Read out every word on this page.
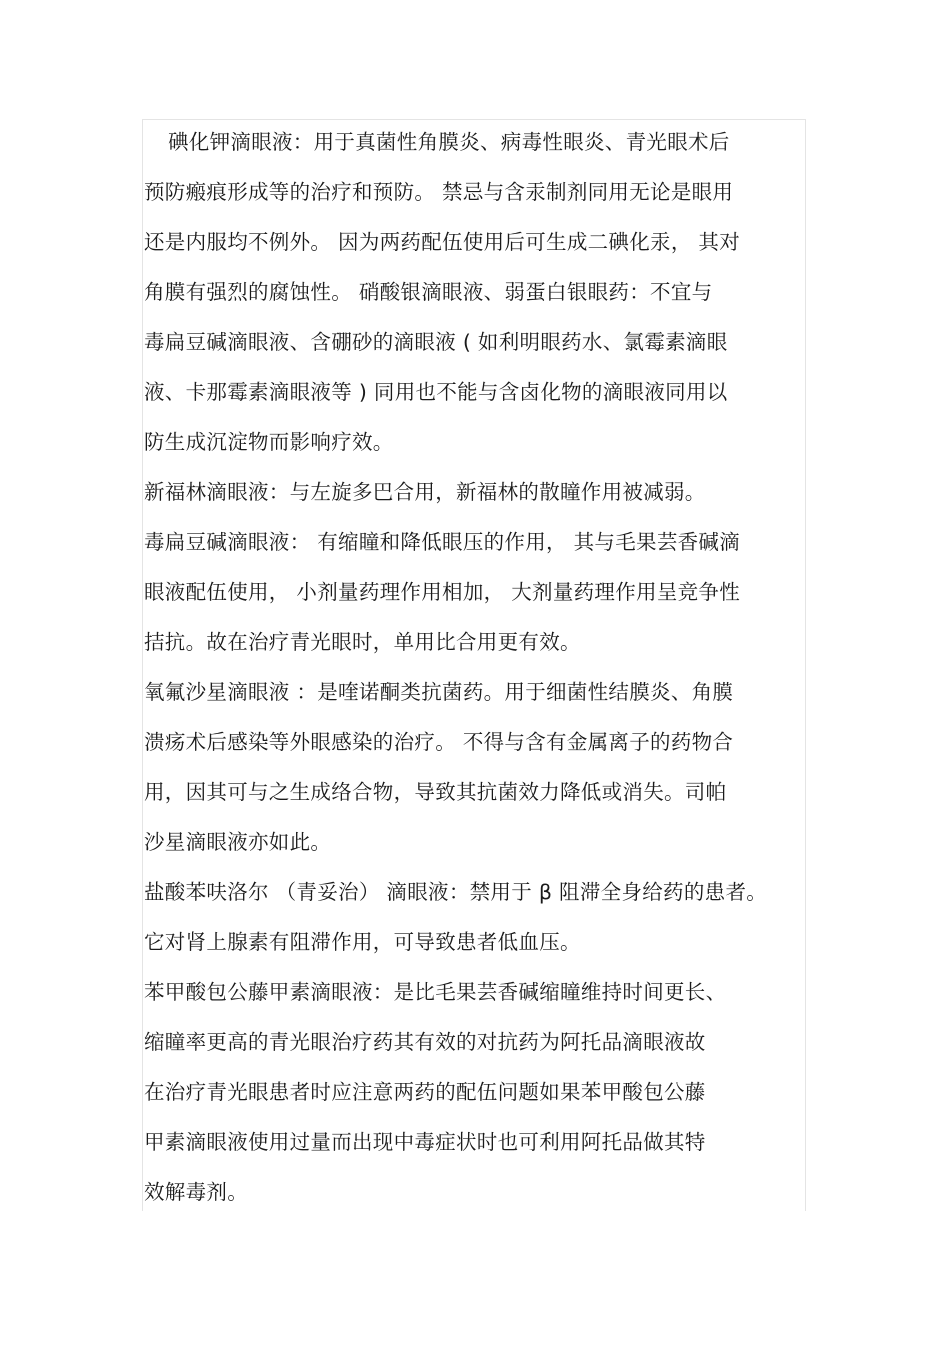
碘化钾滴眼液：用于真菌性角膜炎、病毒性眼炎、青光眼术后
预防瘢痕形成等的治疗和预防。 禁忌与含汞制剂同用无论是眼用
还是内服均不例外。 因为两药配伍使用后可生成二碘化汞， 其对
角膜有强烈的腐蚀性。 硝酸银滴眼液、弱蛋白银眼药：不宜与
毒扁豆碱滴眼液、含硼砂的滴眼液 ( 如利明眼药水、氯霉素滴眼
液、卡那霉素滴眼液等 ) 同用也不能与含卤化物的滴眼液同用以
防生成沉淀物而影响疗效。
新福林滴眼液：与左旋多巴合用，新福林的散瞳作用被减弱。
毒扁豆碱滴眼液： 有缩瞳和降低眼压的作用， 其与毛果芸香碱滴
眼液配伍使用， 小剂量药理作用相加， 大剂量药理作用呈竞争性
拮抗。故在治疗青光眼时，单用比合用更有效。
氧氟沙星滴眼液 ：是喹诺酮类抗菌药。用于细菌性结膜炎、角膜
溃疡术后感染等外眼感染的治疗。 不得与含有金属离子的药物合
用，因其可与之生成络合物，导致其抗菌效力降低或消失。司帕
沙星滴眼液亦如此。
盐酸苯呋洛尔 （青妥治） 滴眼液：禁用于 β 阻滞全身给药的患者。
它对肾上腺素有阻滞作用，可导致患者低血压。
苯甲酸包公藤甲素滴眼液：是比毛果芸香碱缩瞳维持时间更长、
缩瞳率更高的青光眼治疗药其有效的对抗药为阿托品滴眼液故
在治疗青光眼患者时应注意两药的配伍问题如果苯甲酸包公藤
甲素滴眼液使用过量而出现中毒症状时也可利用阿托品做其特
效解毒剂。
